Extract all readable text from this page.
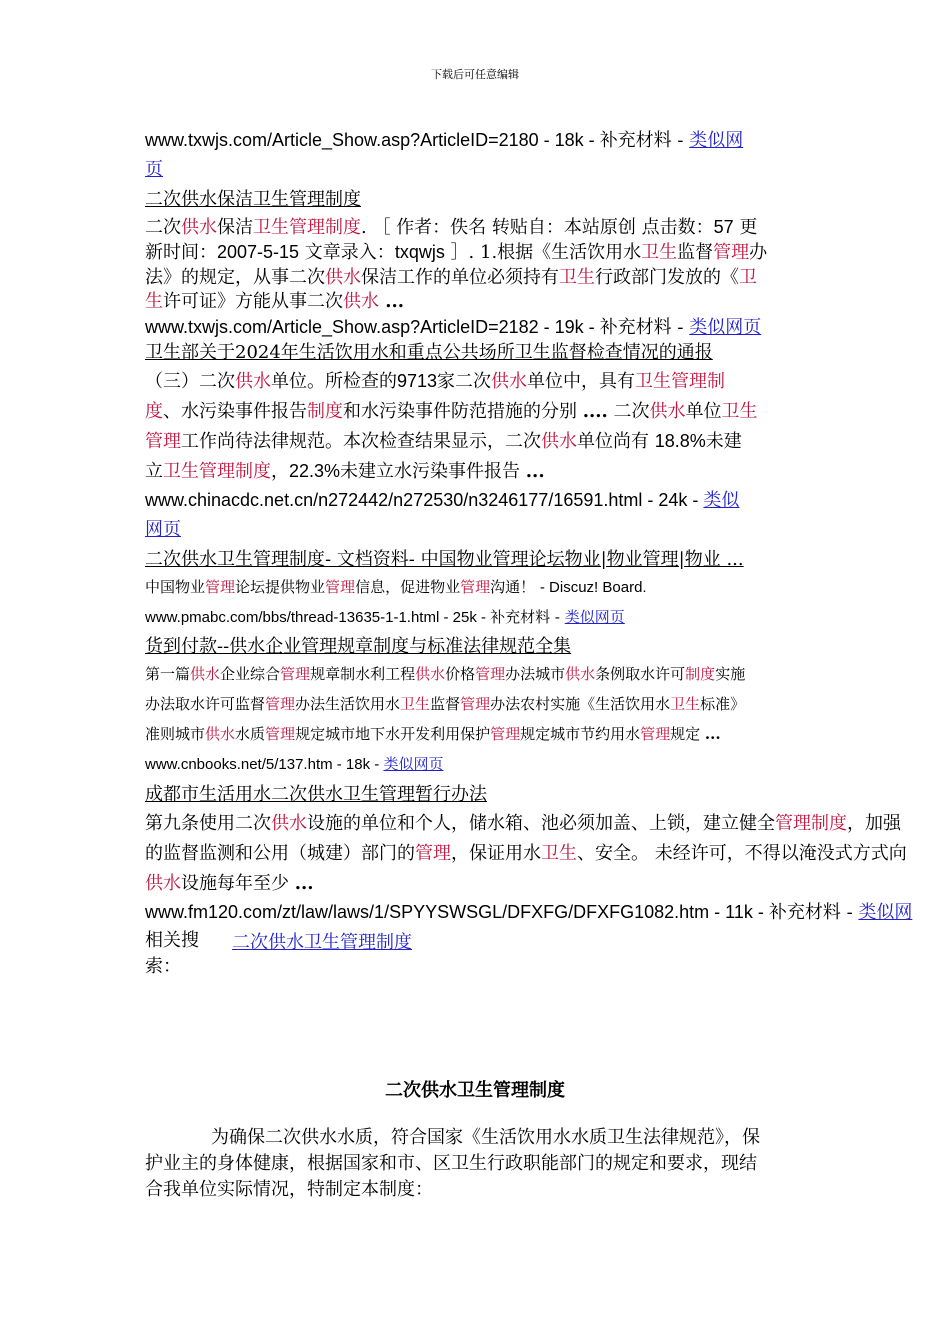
下载后可任意编辑
www.txwjs.com/Article_Show.asp?ArticleID=2180 - 18k - 补充材料 - 类似网
页
二次供水保洁卫生管理制度
二次供水保洁卫生管理制度. ［ 作者：佚名 转贴自：本站原创 点击数：57 更
新时间：2007-5-15 文章录入：txqwjs ］. 1.根据《生活饮用水卫生监督管理办
法》的规定，从事二次供水保洁工作的单位必须持有卫生行政部门发放的《卫
生许可证》方能从事二次供水 ...
www.txwjs.com/Article_Show.asp?ArticleID=2182 - 19k - 补充材料 - 类似网页
卫生部关于2024年生活饮用水和重点公共场所卫生监督检查情况的通报
（三）二次供水单位。所检查的9713家二次供水单位中，具有卫生管理制
度、水污染事件报告制度和水污染事件防范措施的分别 .... 二次供水单位卫生
管理工作尚待法律规范。本次检查结果显示，二次供水单位尚有 18.8%未建
立卫生管理制度，22.3%未建立水污染事件报告 ...
www.chinacdc.net.cn/n272442/n272530/n3246177/16591.html - 24k - 类似
网页
二次供水卫生管理制度- 文档资料- 中国物业管理论坛物业|物业管理|物业 ...
中国物业管理论坛提供物业管理信息，促进物业管理沟通！ - Discuz! Board.
www.pmabc.com/bbs/thread-13635-1-1.html - 25k - 补充材料 - 类似网页
货到付款--供水企业管理规章制度与标准法律规范全集
第一篇供水企业综合管理规章制水利工程供水价格管理办法城市供水条例取水许可制度实施
办法取水许可监督管理办法生活饮用水卫生监督管理办法农村实施《生活饮用水卫生标准》
准则城市供水水质管理规定城市地下水开发利用保护管理规定城市节约用水管理规定 ...
www.cnbooks.net/5/137.htm - 18k - 类似网页
成都市生活用水二次供水卫生管理暂行办法
第九条使用二次供水设施的单位和个人，储水箱、池必须加盖、上锁，建立健全管理制度，加强
的监督监测和公用（城建）部门的管理，保证用水卫生、安全。 未经许可，不得以淹没式方式向
供水设施每年至少 ...
www.fm120.com/zt/law/laws/1/SPYYSWSGL/DFXFG/DFXFG1082.htm - 11k - 补充材料 - 类似网
相关搜索：
二次供水卫生管理制度
二次供水卫生管理制度
为确保二次供水水质，符合国家《生活饮用水水质卫生法律规范》，保
护业主的身体健康，根据国家和市、区卫生行政职能部门的规定和要求，现结
合我单位实际情况，特制定本制度：
